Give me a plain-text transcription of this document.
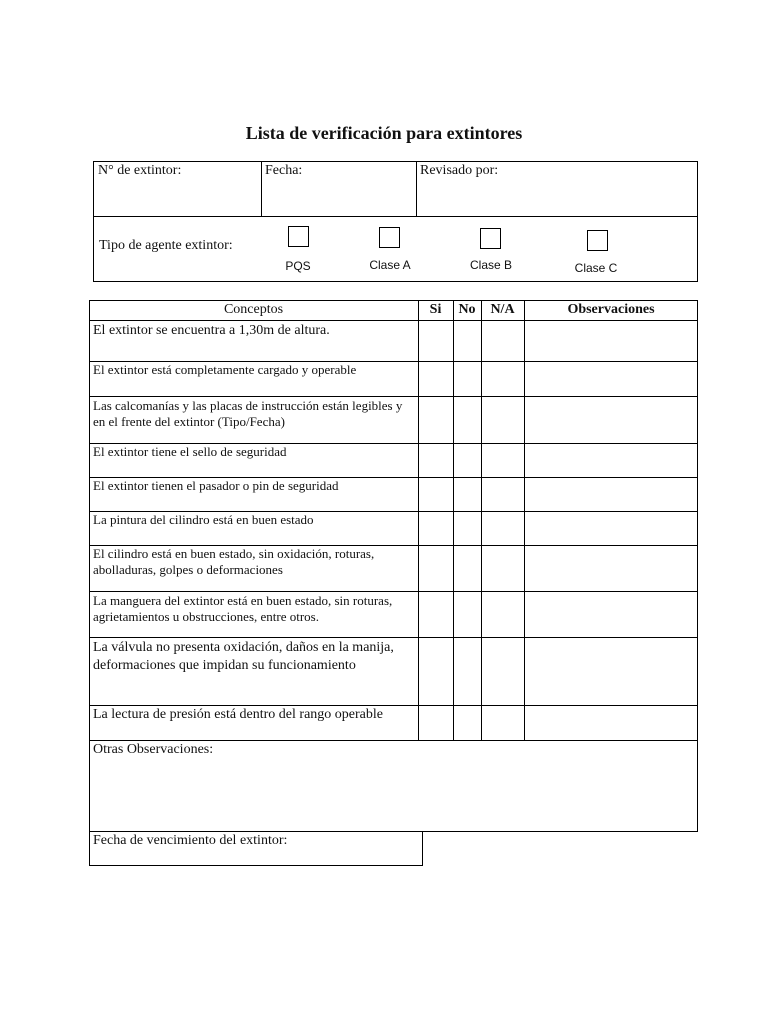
Lista de verificación para extintores
N° de extintor:	Fecha:	Revisado por:
Tipo de agente extintor:
PQS	Clase A	Clase B	Clase C
Conceptos	Si	No	N/A	Observaciones
El extintor se encuentra a 1,30m de altura.
El extintor está completamente cargado y operable
Las calcomanías y las placas de instrucción están legibles y en el frente del extintor (Tipo/Fecha)
El extintor tiene el sello de seguridad
El extintor tienen el pasador o pin de seguridad
La pintura del cilindro está en buen estado
El cilindro está en buen estado, sin oxidación, roturas, abolladuras, golpes o deformaciones
La manguera del extintor está en buen estado, sin roturas, agrietamientos u obstrucciones, entre otros.
La válvula no presenta oxidación, daños en la manija, deformaciones que impidan su funcionamiento
La lectura de presión está dentro del rango operable
Otras Observaciones:
Fecha de vencimiento del extintor:
